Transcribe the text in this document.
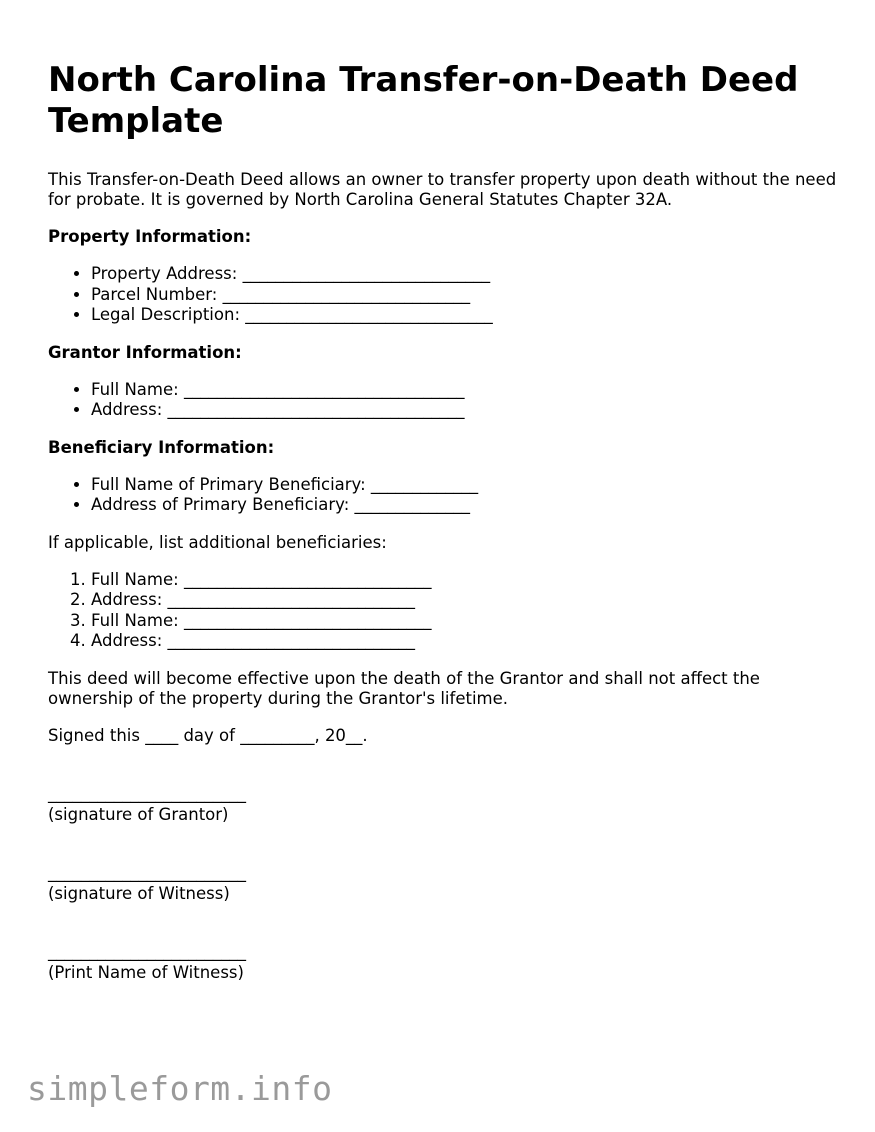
North Carolina Transfer-on-Death Deed Template

This Transfer-on-Death Deed allows an owner to transfer property upon death without the need for probate. It is governed by North Carolina General Statutes Chapter 32A.

Property Information:

• Property Address: ______________________________
• Parcel Number: ______________________________
• Legal Description: ______________________________

Grantor Information:

• Full Name: __________________________________
• Address: ____________________________________

Beneficiary Information:

• Full Name of Primary Beneficiary: _____________
• Address of Primary Beneficiary: ______________

If applicable, list additional beneficiaries:

1. Full Name: ______________________________
2. Address: ______________________________
3. Full Name: ______________________________
4. Address: ______________________________

This deed will become effective upon the death of the Grantor and shall not affect the ownership of the property during the Grantor's lifetime.

Signed this ____ day of _________, 20__.

________________________

(signature of Grantor)

________________________

(signature of Witness)

________________________

(Print Name of Witness)

simpleform.info
